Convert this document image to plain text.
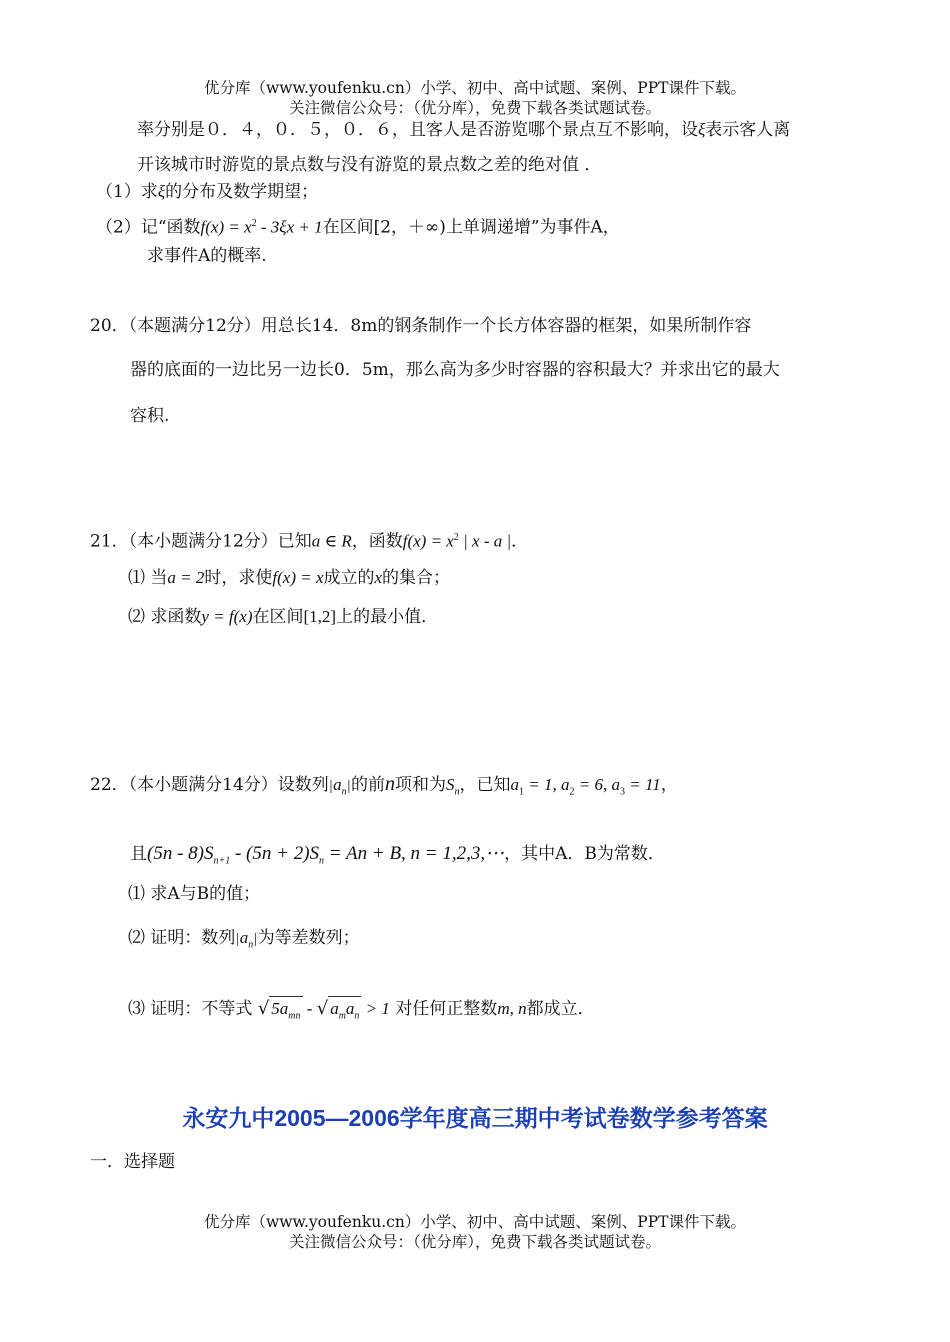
优分库（www.youfenku.cn）小学、初中、高中试题、案例、PPT课件下载。
关注微信公众号：（优分库），免费下载各类试题试卷。
率分别是０．４，０．５，０．６，且客人是否游览哪个景点互不影响，设ξ表示客人离
开该城市时游览的景点数与没有游览的景点数之差的绝对值 ．
（1）求ξ的分布及数学期望；
（2）记“函数$f(x) = x^2 - 3\xi x + 1$在区间[2，＋∞)上单调递增”为事件A，
求事件A的概率.
20．（本题满分12分）用总长14．8m的钢条制作一个长方体容器的框架，如果所制作容
器的底面的一边比另一边长0．5m，那么高为多少时容器的容积最大？并求出它的最大
容积.
21．（本小题满分12分）已知a ∈ R，函数$f(x) = x^2$ | x - a |．
⑴ 当a = 2时，求使f(x) = x成立的x的集合；
⑵ 求函数y = f(x)在区间[1,2]上的最小值．
22．（本小题满分14分）设数列$|a_n|$的前n项和为$S_n$，已知$a_1 = 1$, $a_2 = 6$, $a_3 = 11$，
且$(5n - 8)S_{n+1} - (5n + 2)S_n = An + B$, n = 1,2,3,⋯，其中A．B为常数．
⑴ 求A与B的值；
⑵ 证明：数列$|a_n|$为等差数列；
⑶ 证明：不等式 √ $5a_{mn}$ - √ $a_ma_n > 1$ 对任何正整数m, n都成立．
永安九中2005—2006学年度高三期中考试卷数学参考答案
一．选择题
优分库（www.youfenku.cn）小学、初中、高中试题、案例、PPT课件下载。
关注微信公众号：（优分库），免费下载各类试题试卷。
